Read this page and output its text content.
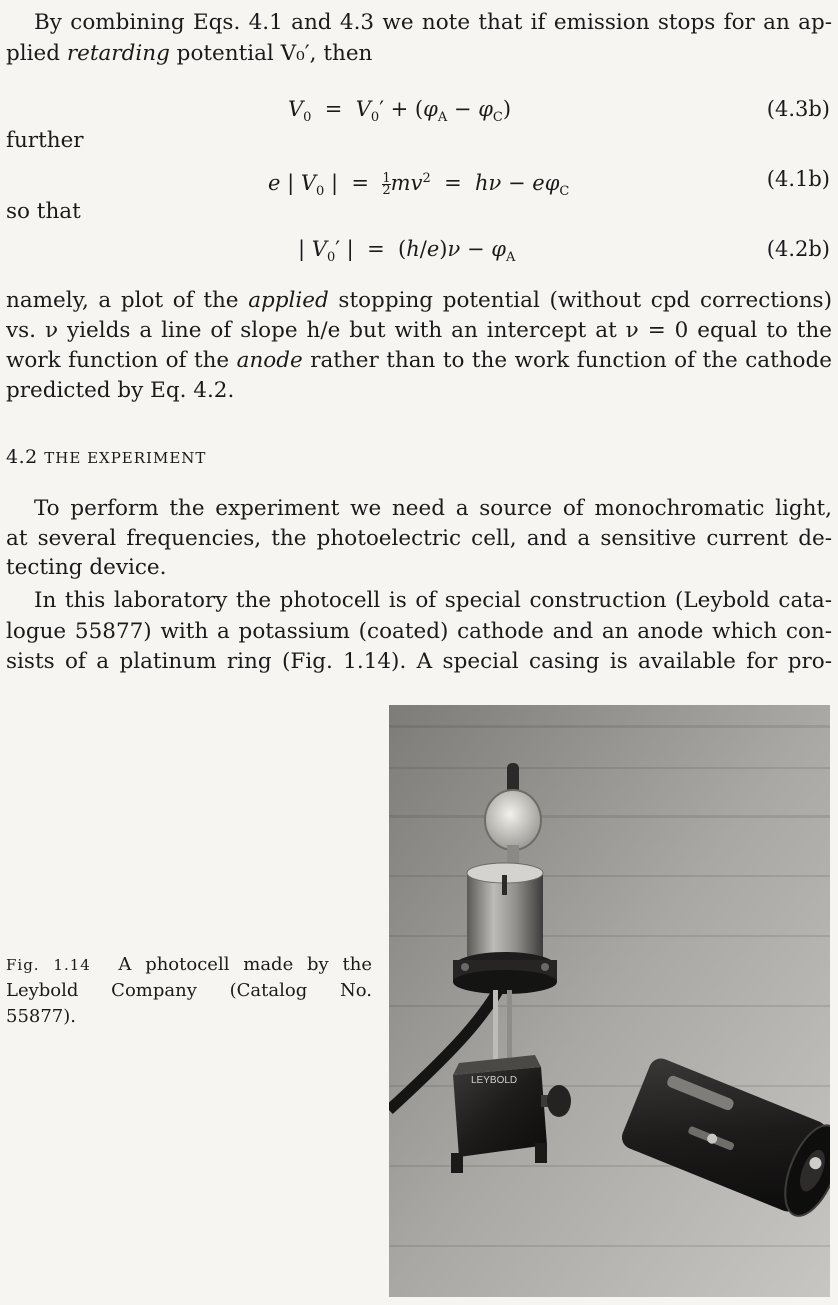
By combining Eqs. 4.1 and 4.3 we note that if emission stops for an ap-
plied retarding potential V₀′, then
$V_0 = V_0' + (\varphi_A - \varphi_C)$	(4.3b)
further
e | $V_0$ |  = $\frac{1}{2} mv^2 = h\nu - e\varphi_C$
(4.1b)
so that
| $V_0'$ |  =  $(h/e)\nu - \varphi_A$	(4.2b)
namely, a plot of the applied stopping potential (without cpd corrections)
vs. ν yields a line of slope h/e but with an intercept at ν = 0 equal to the
work function of the anode rather than to the work function of the cathode
predicted by Eq. 4.2.
4.2 THE EXPERIMENT
To perform the experiment we need a source of monochromatic light,
at several frequencies, the photoelectric cell, and a sensitive current de-
tecting device.
In this laboratory the photocell is of special construction (Leybold cata-
logue 55877) with a potassium (coated) cathode and an anode which con-
sists of a platinum ring (Fig. 1.14). A special casing is available for pro-
Fig. 1.14 A photocell made by the
Leybold Company (Catalog No.
55877).
LEYBOLD
